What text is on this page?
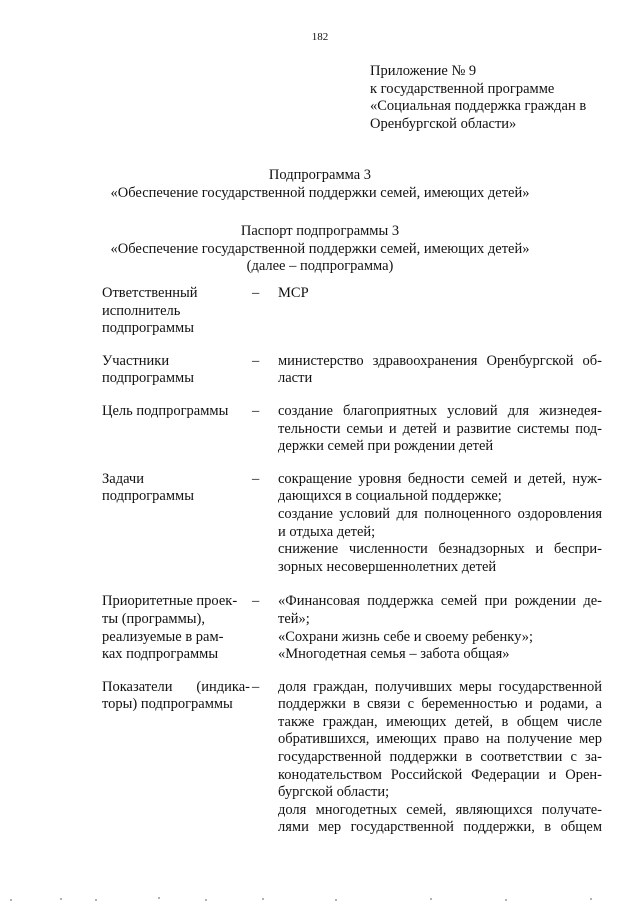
182
Приложение № 9
к государственной программе
«Социальная поддержка граждан в
Оренбургской области»
Подпрограмма 3
«Обеспечение государственной поддержки семей, имеющих детей»
Паспорт подпрограммы 3
«Обеспечение государственной поддержки семей, имеющих детей»
(далее – подпрограмма)
Ответственный
исполнитель
подпрограммы
–	МСР
Участники
подпрограммы
–	министерство здравоохранения Оренбургской об-
ласти
Цель подпрограммы	–	создание благоприятных условий для жизнедея-
тельности семьи и детей и развитие системы под-
держки семей при рождении детей
Задачи
подпрограммы
–	сокращение уровня бедности семей и детей, нуж-
дающихся в социальной поддержке;
создание условий для полноценного оздоровления
и отдыха детей;
снижение численности безнадзорных и беспри-
зорных несовершеннолетних детей
Приоритетные проек-
ты (программы),
реализуемые в рам-
ках подпрограммы
–	«Финансовая поддержка семей при рождении де-
тей»;
«Сохрани жизнь себе и своему ребенку»;
«Многодетная семья – забота общая»
Показатели (индика-
торы) подпрограммы
–	доля граждан, получивших меры государственной
поддержки в связи с беременностью и родами, а
также граждан, имеющих детей, в общем числе
обратившихся, имеющих право на получение мер
государственной поддержки в соответствии с за-
конодательством Российской Федерации и Орен-
бургской области;
доля многодетных семей, являющихся получате-
лями мер государственной поддержки, в общем
